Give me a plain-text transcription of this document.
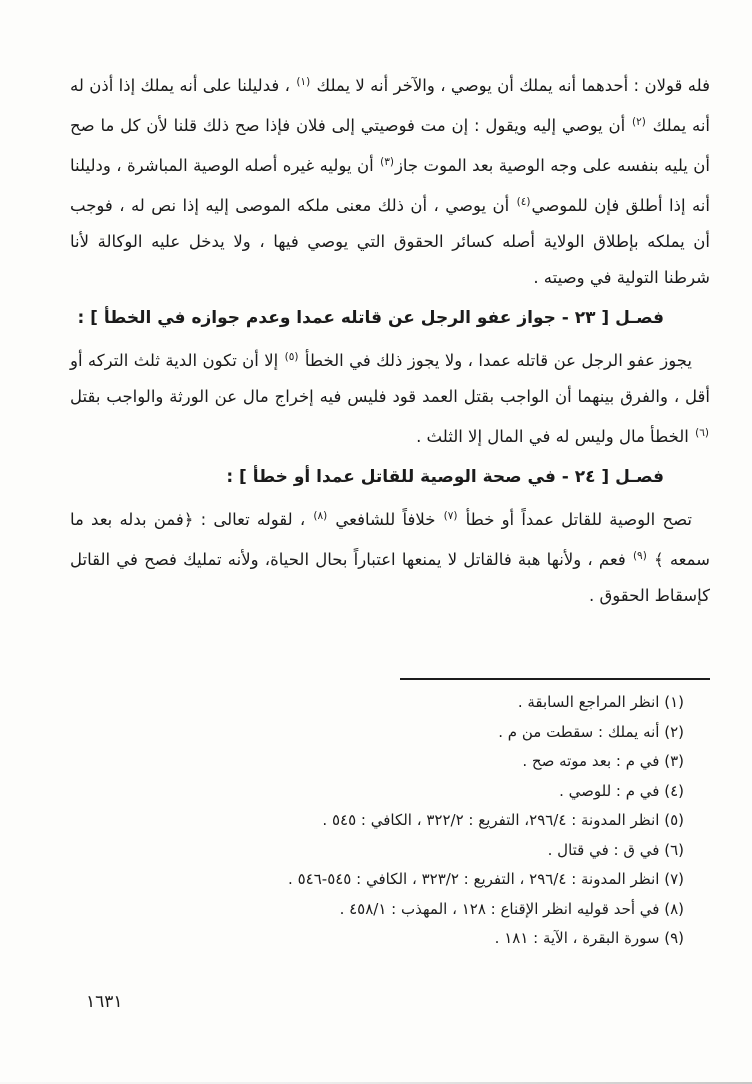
فله قولان : أحدهما أنه يملك أن يوصي ، والآخر أنه لا يملك $^{(١)}$ ، فدليلنا على أنه يملك إذا أذن له أنه يملك $^{(٢)}$ أن يوصي إليه ويقول : إن مت فوصيتي إلى فلان فإذا صح ذلك قلنا لأن كل ما صح أن يليه بنفسه على وجه الوصية بعد الموت جاز$^{(٣)}$ أن يوليه غيره أصله الوصية المباشرة ، ودليلنا أنه إذا أطلق فإن للموصي$^{(٤)}$ أن يوصي ، أن ذلك معنى ملكه الموصى إليه إذا نص له ، فوجب أن يملكه بإطلاق الولاية أصله كسائر الحقوق التي يوصي فيها ، ولا يدخل عليه الوكالة لأنا شرطنا التولية في وصيته .

فصـل [ ٢٣ - جواز عفو الرجل عن قاتله عمدا وعدم جوازه في الخطأ ] :

يجوز عفو الرجل عن قاتله عمدا ، ولا يجوز ذلك في الخطأ $^{(٥)}$ إلا أن تكون الدية ثلث التركه أو أقل ، والفرق بينهما أن الواجب بقتل العمد قود فليس فيه إخراج مال عن الورثة والواجب بقتل $^{(٦)}$ الخطأ مال وليس له في المال إلا الثلث .

فصـل [ ٢٤ - في صحة الوصية للقاتل عمدا أو خطأ ] :

تصح الوصية للقاتل عمداً أو خطأ $^{(٧)}$ خلافاً للشافعي $^{(٨)}$ ، لقوله تعالى : ﴿فمن بدله بعد ما سمعه ﴾ $^{(٩)}$ فعم ، ولأنها هبة فالقاتل لا يمنعها اعتباراً بحال الحياة، ولأنه تمليك فصح في القاتل كإسقاط الحقوق .

(١) انظر المراجع السابقة .
(٢) أنه يملك : سقطت من م .
(٣) في م : بعد موته صح .
(٤) في م : للوصي .
(٥) انظر المدونة : ٢٩٦/٤، التفريع : ٣٢٢/٢ ، الكافي : ٥٤٥ .
(٦) في ق : في قتال .
(٧) انظر المدونة : ٢٩٦/٤ ، التفريع : ٣٢٣/٢ ، الكافي : ٥٤٥-٥٤٦ .
(٨) في أحد قوليه انظر الإقناع : ١٢٨ ، المهذب : ٤٥٨/١ .
(٩) سورة البقرة ، الآية : ١٨١ .
١٦٣١
